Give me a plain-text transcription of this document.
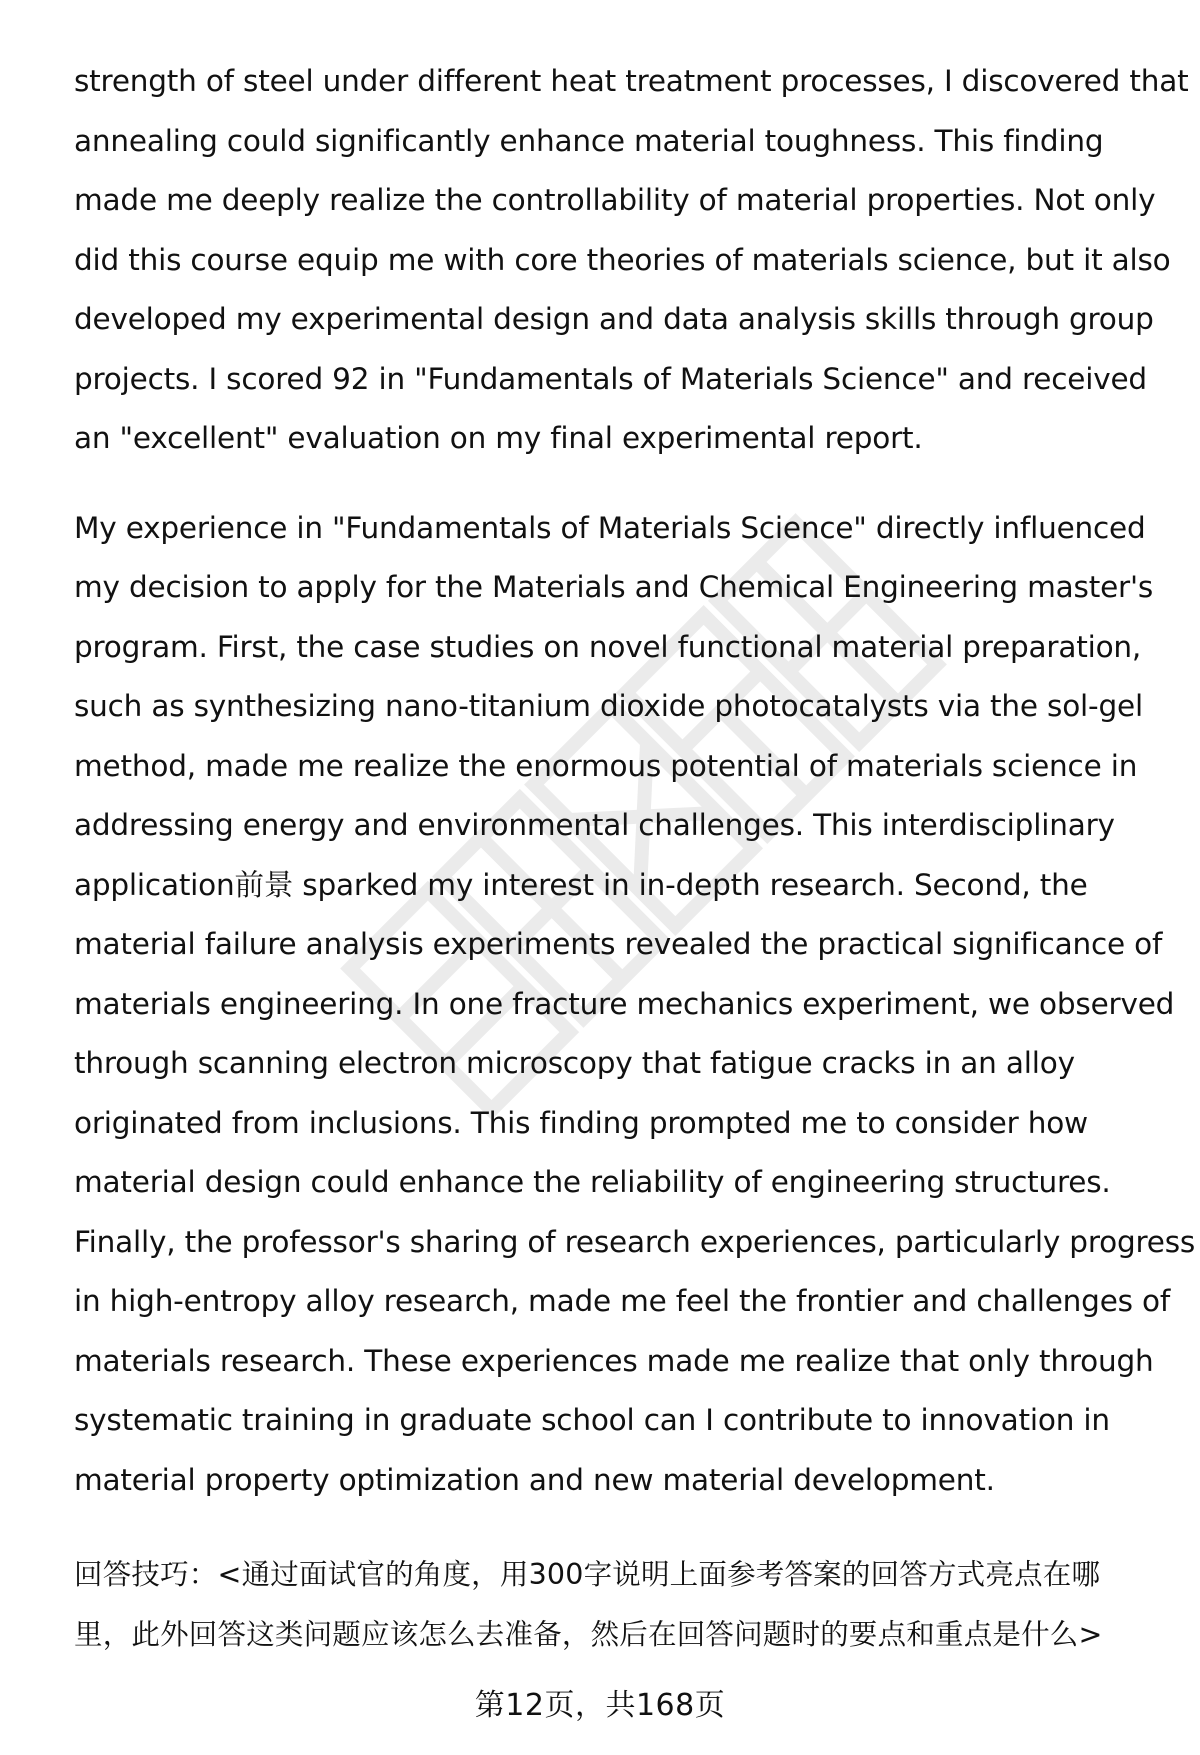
strength of steel under different heat treatment processes, I discovered that
annealing could significantly enhance material toughness. This finding
made me deeply realize the controllability of material properties. Not only
did this course equip me with core theories of materials science, but it also
developed my experimental design and data analysis skills through group
projects. I scored 92 in "Fundamentals of Materials Science" and received
an "excellent" evaluation on my final experimental report.

My experience in "Fundamentals of Materials Science" directly influenced
my decision to apply for the Materials and Chemical Engineering master's
program. First, the case studies on novel functional material preparation,
such as synthesizing nano-titanium dioxide photocatalysts via the sol-gel
method, made me realize the enormous potential of materials science in
addressing energy and environmental challenges. This interdisciplinary
application前景 sparked my interest in in-depth research. Second, the
material failure analysis experiments revealed the practical significance of
materials engineering. In one fracture mechanics experiment, we observed
through scanning electron microscopy that fatigue cracks in an alloy
originated from inclusions. This finding prompted me to consider how
material design could enhance the reliability of engineering structures.
Finally, the professor's sharing of research experiences, particularly progress
in high-entropy alloy research, made me feel the frontier and challenges of
materials research. These experiences made me realize that only through
systematic training in graduate school can I contribute to innovation in
material property optimization and new material development.

回答技巧：<通过面试官的角度，用300字说明上面参考答案的回答方式亮点在哪
里，此外回答这类问题应该怎么去准备，然后在回答问题时的要点和重点是什么>
第12页，共168页
